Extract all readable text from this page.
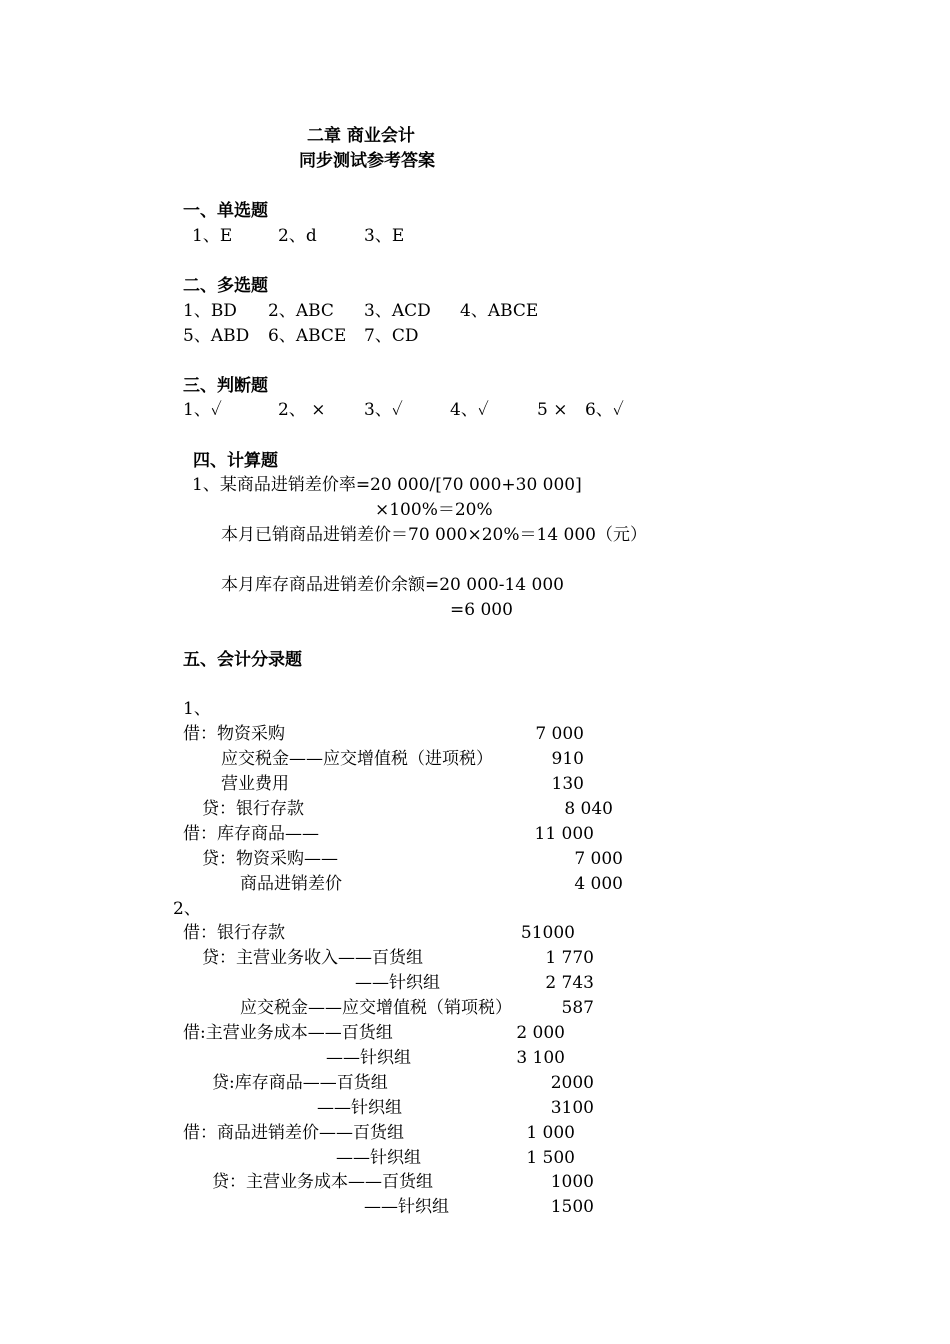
二章 商业会计
同步测试参考答案
一、单选题
1、E	2、d	3、E
二、多选题
1、BD 2、ABC 3、ACD 4、ABCE
5、ABD 6、ABCE 7、CD
三、判断题
1、✓	2、 × 3、✓	4、✓	5 × 6、✓
四、计算题
1、某商品进销差价率=20 000/[70 000+30 000]
×100%＝20%
本月已销商品进销差价＝70 000×20%＝14 000（元）
本月库存商品进销差价余额=20 000-14 000
=6 000
五、会计分录题
1、
借：物资采购	7 000
应交税金——应交增值税（进项税）	910
营业费用	130
贷：银行存款	8 040
借：库存商品——	11 000
贷：物资采购——	7 000
商品进销差价	4 000
2、
借：银行存款	51000
贷：主营业务收入——百货组	1 770
——针织组	2 743
应交税金——应交增值税（销项税）	587
借:主营业务成本——百货组	2 000
——针织组	3 100
贷:库存商品——百货组	2000
——针织组	3100
借：商品进销差价——百货组	1 000
——针织组	1 500
贷：主营业务成本——百货组	1000
——针织组	1500
